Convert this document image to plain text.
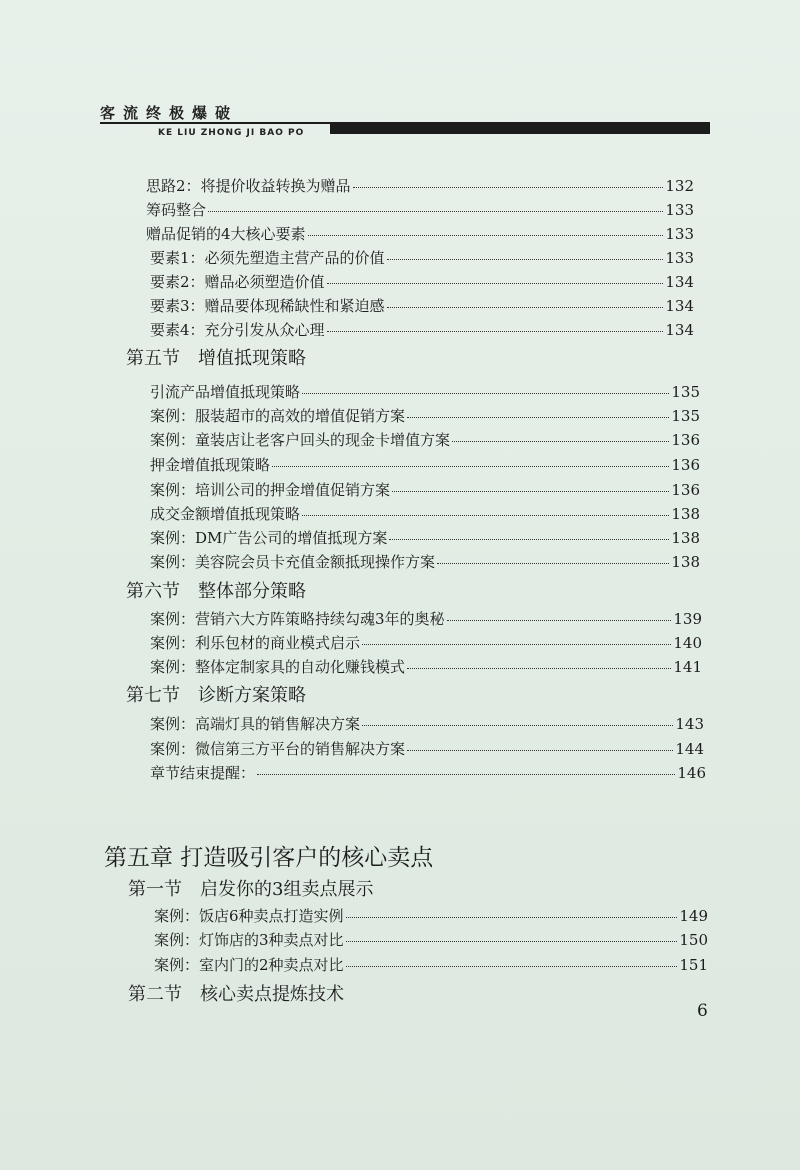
客流终极爆破
KE LIU ZHONG JI BAO PO
思路2：将提价收益转换为赠品	132
筹码整合	133
赠品促销的4大核心要素	133
要素1：必须先塑造主营产品的价值	133
要素2：赠品必须塑造价值	134
要素3：赠品要体现稀缺性和紧迫感	134
要素4：充分引发从众心理	134
第五节　增值抵现策略
引流产品增值抵现策略	135
案例：服装超市的高效的增值促销方案	135
案例：童装店让老客户回头的现金卡增值方案	136
押金增值抵现策略	136
案例：培训公司的押金增值促销方案	136
成交金额增值抵现策略	138
案例：DM广告公司的增值抵现方案	138
案例：美容院会员卡充值金额抵现操作方案	138
第六节　整体部分策略
案例：营销六大方阵策略持续勾魂3年的奥秘	139
案例：利乐包材的商业模式启示	140
案例：整体定制家具的自动化赚钱模式	141
第七节　诊断方案策略
案例：高端灯具的销售解决方案	143
案例：微信第三方平台的销售解决方案	144
章节结束提醒：	146
第五章 打造吸引客户的核心卖点
第一节　启发你的3组卖点展示
案例：饭店6种卖点打造实例	149
案例：灯饰店的3种卖点对比	150
案例：室内门的2种卖点对比	151
第二节　核心卖点提炼技术
6
